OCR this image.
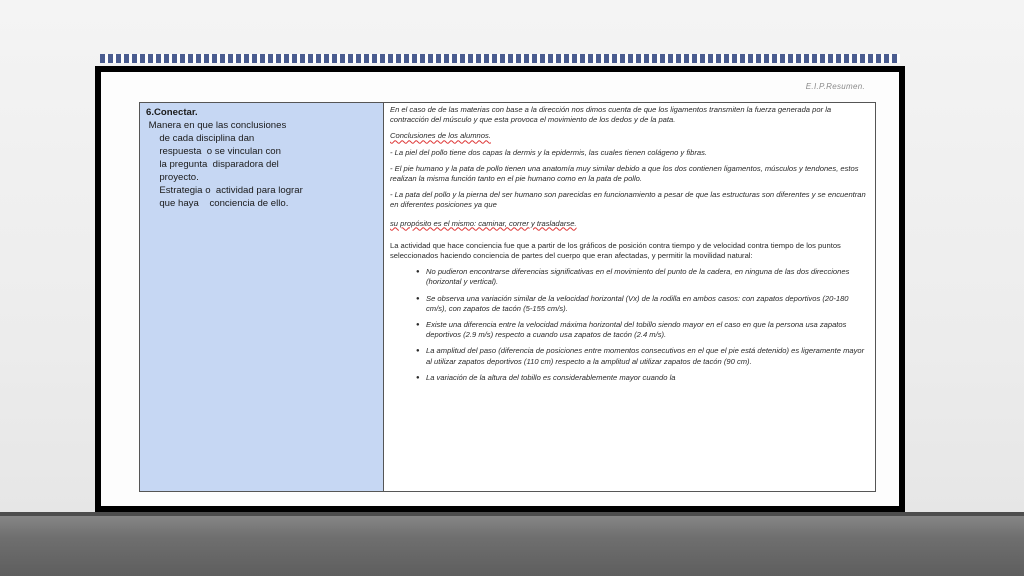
E.I.P.Resumen.
6.Conectar.
Manera en que las conclusiones
de cada disciplina dan
respuesta  o se vinculan con
la pregunta  disparadora del
proyecto.
Estrategia o  actividad para lograr
que haya    conciencia de ello.

En el caso de de las materias con base a la dirección nos dimos cuenta de que los ligamentos transmiten la fuerza generada por la contracción del músculo y que esta provoca el movimiento de los dedos y de la pata.

Conclusiones de los alumnos.

- La piel del pollo tiene dos capas la dermis y la epidermis, las cuales tienen colágeno y fibras.

- El pie humano y la pata de pollo tienen una anatomía muy similar debido a que los dos contienen ligamentos, músculos y tendones, estos realizan la misma función tanto en el pie humano como en la pata de pollo.

- La pata del pollo y la pierna del ser humano son parecidas en funcionamiento a pesar de que las estructuras son diferentes y se encuentran en diferentes posiciones ya que

su propósito es el mismo: caminar, correr y trasladarse.

La actividad que hace conciencia fue que a partir de los gráficos de posición contra tiempo y de velocidad contra tiempo de los puntos seleccionados haciendo conciencia de partes del cuerpo que eran afectadas, y permitir la movilidad natural:

● No pudieron encontrarse diferencias significativas en el movimiento del punto de la cadera, en ninguna de las dos direcciones (horizontal y vertical).
● Se observa una variación similar de la velocidad horizontal (Vx) de la rodilla en ambos casos: con zapatos deportivos (20-180 cm/s), con zapatos de tacón (5-155 cm/s).
● Existe una diferencia entre la velocidad máxima horizontal del tobillo siendo mayor en el caso en que la persona usa zapatos deportivos (2.9 m/s) respecto a cuando usa zapatos de tacón (2.4 m/s).
● La amplitud del paso (diferencia de posiciones entre momentos consecutivos en el que el pie está detenido) es ligeramente mayor al utilizar zapatos deportivos (110 cm) respecto a la amplitud al utilizar zapatos de tacón (90 cm).
● La variación de la altura del tobillo es considerablemente mayor cuando la
